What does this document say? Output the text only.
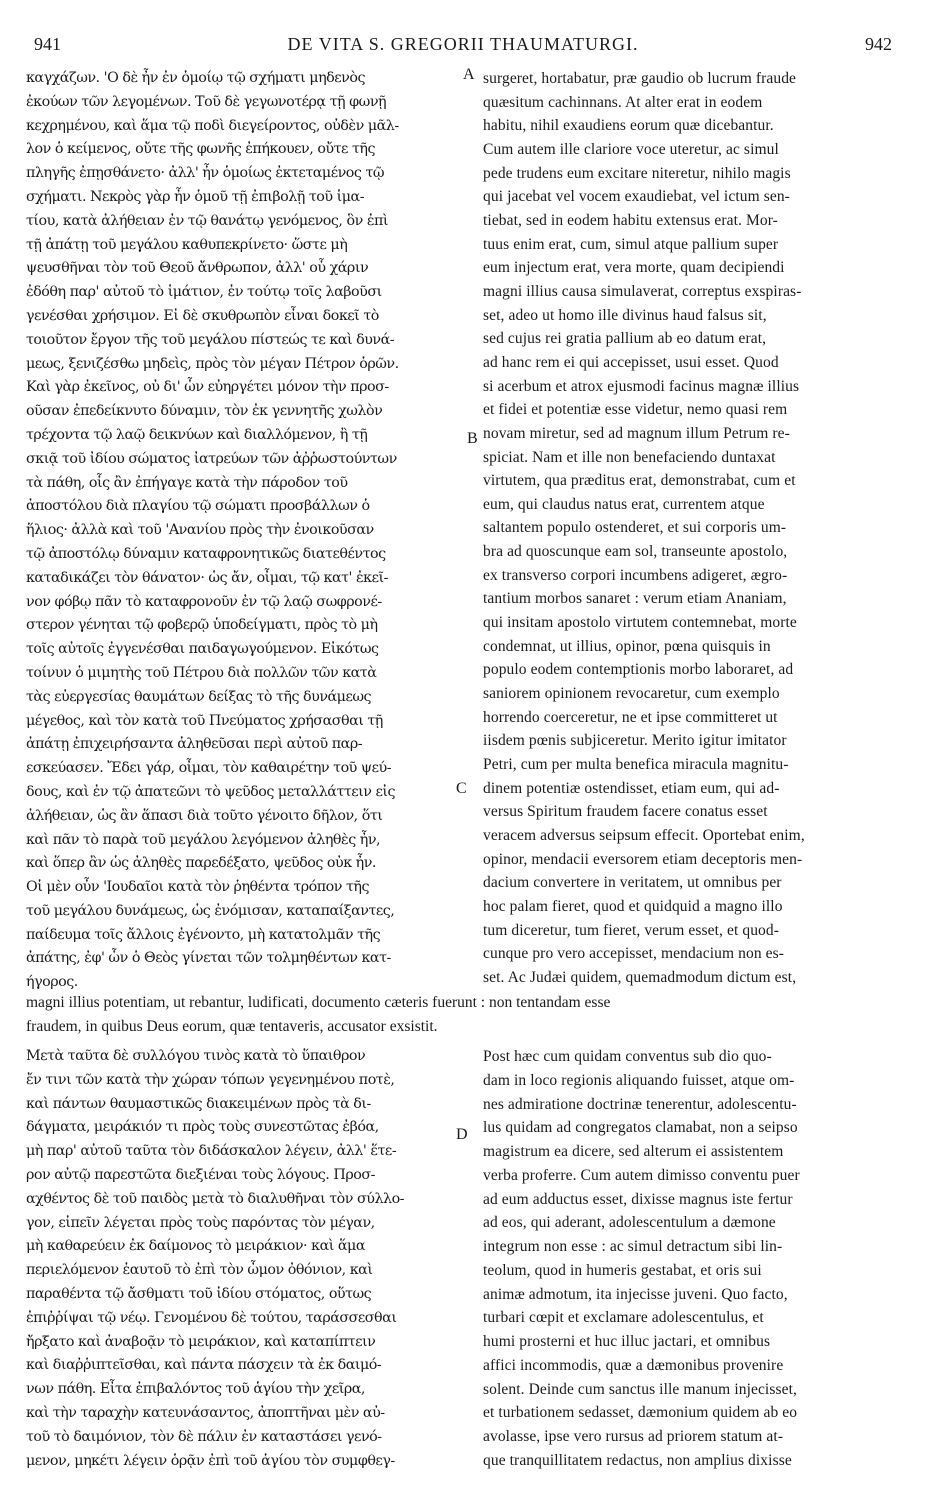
941	DE VITA S. GREGORII THAUMATURGI.	942
καγχάζων. 'Ο δὲ ἦν ἐν ὁμοίῳ τῷ σχήματι μηδενὸς
ἐκούων τῶν λεγομένων. Τοῦ δὲ γεγωνοτέρᾳ τῇ φωνῇ
κεχρημένου, καὶ ἅμα τῷ ποδὶ διεγείροντος, οὐδὲν μᾶλ-
λον ὁ κείμενος, οὔτε τῆς φωνῆς ἐπήκουεν, οὔτε τῆς
πληγῆς ἐπῃσθάνετο· ἀλλ' ἦν ὁμοίως ἐκτεταμένος τῷ
σχήματι. Νεκρὸς γὰρ ἦν ὁμοῦ τῇ ἐπιβολῇ τοῦ ἱμα-
τίου, κατὰ ἀλήθειαν ἐν τῷ θανάτῳ γενόμενος, ὃν ἐπὶ
τῇ ἀπάτῃ τοῦ μεγάλου καθυπεκρίνετο· ὥστε μὴ
ψευσθῆναι τὸν τοῦ Θεοῦ ἄνθρωπον, ἀλλ' οὗ χάριν
ἐδόθη παρ' αὐτοῦ τὸ ἱμάτιον, ἐν τούτῳ τοῖς λαβοῦσι
γενέσθαι χρήσιμον. Εἰ δὲ σκυθρωπὸν εἶναι δοκεῖ τὸ
τοιοῦτον ἔργον τῆς τοῦ μεγάλου πίστεώς τε καὶ δυνά-
μεως, ξενιζέσθω μηδεὶς, πρὸς τὸν μέγαν Πέτρον ὁρῶν.
Καὶ γὰρ ἐκεῖνος, οὐ δι' ὧν εὐηργέτει μόνον τὴν προσ-
οῦσαν ἐπεδείκνυτο δύναμιν, τὸν ἐκ γεννητῆς χωλὸν
τρέχοντα τῷ λαῷ δεικνύων καὶ διαλλόμενον, ἢ τῇ
σκιᾷ τοῦ ἰδίου σώματος ἰατρεύων τῶν ἀῤῥωστούντων
τὰ πάθη, οἷς ἂν ἐπήγαγε κατὰ τὴν πάροδον τοῦ
ἀποστόλου διὰ πλαγίου τῷ σώματι προσβάλλων ὁ
ἥλιος· ἀλλὰ καὶ τοῦ 'Ανανίου πρὸς τὴν ἐνοικοῦσαν
τῷ ἀποστόλῳ δύναμιν καταφρονητικῶς διατεθέντος
καταδικάζει τὸν θάνατον· ὡς ἄν, οἶμαι, τῷ κατ' ἐκεῖ-
νον φόβῳ πᾶν τὸ καταφρονοῦν ἐν τῷ λαῷ σωφρονέ-
στερον γένηται τῷ φοβερῷ ὑποδείγματι, πρὸς τὸ μὴ
τοῖς αὐτοῖς ἐγγενέσθαι παιδαγωγούμενον. Εἰκότως
τοίνυν ὁ μιμητὴς τοῦ Πέτρου διὰ πολλῶν τῶν κατὰ
τὰς εὐεργεσίας θαυμάτων δείξας τὸ τῆς δυνάμεως
μέγεθος, καὶ τὸν κατὰ τοῦ Πνεύματος χρήσασθαι τῇ
ἀπάτῃ ἐπιχειρήσαντα ἀληθεῦσαι περὶ αὐτοῦ παρ-
εσκεύασεν. Ἔδει γάρ, οἶμαι, τὸν καθαιρέτην τοῦ ψεύ-
δους, καὶ ἐν τῷ ἀπατεῶνι τὸ ψεῦδος μεταλλάττειν εἰς
ἀλήθειαν, ὡς ἂν ἅπασι διὰ τοῦτο γένοιτο δῆλον, ὅτι
καὶ πᾶν τὸ παρὰ τοῦ μεγάλου λεγόμενον ἀληθὲς ἦν,
καὶ ὅπερ ἂν ὡς ἀληθὲς παρεδέξατο, ψεῦδος οὐκ ἦν.
Οἱ μὲν οὖν 'Ιουδαῖοι κατὰ τὸν ῥηθέντα τρόπον τῆς
τοῦ μεγάλου δυνάμεως, ὡς ἐνόμισαν, καταπαίξαντες,
παίδευμα τοῖς ἄλλοις ἐγένοντο, μὴ κατατολμᾶν τῆς
ἀπάτης, ἐφ' ὧν ὁ Θεὸς γίνεται τῶν τολμηθέντων κατ-
ήγορος.
surgeret, hortabatur, præ gaudio ob lucrum fraude
quæsitum cachinnans. At alter erat in eodem
habitu, nihil exaudiens eorum quæ dicebantur.
Cum autem ille clariore voce uteretur, ac simul
pede trudens eum excitare niteretur, nihilo magis
qui jacebat vel vocem exaudiebat, vel ictum sen-
tiebat, sed in eodem habitu extensus erat. Mor-
tuus enim erat, cum, simul atque pallium super
eum injectum erat, vera morte, quam decipiendi
magni illius causa simulaverat, correptus exspiras-
set, adeo ut homo ille divinus haud falsus sit,
sed cujus rei gratia pallium ab eo datum erat,
ad hanc rem ei qui accepisset, usui esset. Quod
si acerbum et atrox ejusmodi facinus magnæ illius
et fidei et potentiæ esse videtur, nemo quasi rem
novam miretur, sed ad magnum illum Petrum re-
spiciat. Nam et ille non benefaciendo duntaxat
virtutem, qua præditus erat, demonstrabat, cum et
eum, qui claudus natus erat, currentem atque
saltantem populo ostenderet, et sui corporis um-
bra ad quoscunque eam sol, transeunte apostolo,
ex transverso corpori incumbens adigeret, ægro-
tantium morbos sanaret : verum etiam Ananiam,
qui insitam apostolo virtutem contemnebat, morte
condemnat, ut illius, opinor, pœna quisquis in
populo eodem contemptionis morbo laboraret, ad
saniorem opinionem revocaretur, cum exemplo
horrendo coerceretur, ne et ipse committeret ut
iisdem pœnis subjiceretur. Merito igitur imitator
Petri, cum per multa benefica miracula magnitu-
dinem potentiæ ostendisset, etiam eum, qui ad-
versus Spiritum fraudem facere conatus esset
veracem adversus seipsum effecit. Oportebat enim,
opinor, mendacii eversorem etiam deceptoris men-
dacium convertere in veritatem, ut omnibus per
hoc palam fieret, quod et quidquid a magno illo
tum diceretur, tum fieret, verum esset, et quod-
cunque pro vero accepisset, mendacium non es-
set. Ac Judæi quidem, quemadmodum dictum est,
A
B
C
D
magni illius potentiam, ut rebantur, ludificati, documento cæteris fuerunt : non tentandam esse
fraudem, in quibus Deus eorum, quæ tentaveris, accusator exsistit.
Μετὰ ταῦτα δὲ συλλόγου τινὸς κατὰ τὸ ὕπαιθρον
ἔν τινι τῶν κατὰ τὴν χώραν τόπων γεγενημένου ποτὲ,
καὶ πάντων θαυμαστικῶς διακειμένων πρὸς τὰ δι-
δάγματα, μειράκιόν τι πρὸς τοὺς συνεστῶτας ἐβόα,
μὴ παρ' αὐτοῦ ταῦτα τὸν διδάσκαλον λέγειν, ἀλλ' ἕτε-
ρον αὐτῷ παρεστῶτα διεξιέναι τοὺς λόγους. Προσ-
αχθέντος δὲ τοῦ παιδὸς μετὰ τὸ διαλυθῆναι τὸν σύλλο-
γον, εἰπεῖν λέγεται πρὸς τοὺς παρόντας τὸν μέγαν,
μὴ καθαρεύειν ἐκ δαίμονος τὸ μειράκιον· καὶ ἅμα
περιελόμενον ἑαυτοῦ τὸ ἐπὶ τὸν ὦμον ὀθόνιον, καὶ
παραθέντα τῷ ἄσθματι τοῦ ἰδίου στόματος, οὕτως
ἐπιῤῥίψαι τῷ νέῳ. Γενομένου δὲ τούτου, ταράσσεσθαι
ἤρξατο καὶ ἀναβοᾷν τὸ μειράκιον, καὶ καταπίπτειν
καὶ διαῤῥιπτεῖσθαι, καὶ πάντα πάσχειν τὰ ἐκ δαιμό-
νων πάθη. Εἶτα ἐπιβαλόντος τοῦ ἁγίου τὴν χεῖρα,
καὶ τὴν ταραχὴν κατευνάσαντος, ἀποπτῆναι μὲν αὐ-
τοῦ τὸ δαιμόνιον, τὸν δὲ πάλιν ἐν καταστάσει γενό-
μενον, μηκέτι λέγειν ὁρᾷν ἐπὶ τοῦ ἁγίου τὸν συμφθεγ-
Post hæc cum quidam conventus sub dio quo-
dam in loco regionis aliquando fuisset, atque om-
nes admiratione doctrinæ tenerentur, adolescentu-
lus quidam ad congregatos clamabat, non a seipso
magistrum ea dicere, sed alterum ei assistentem
verba proferre. Cum autem dimisso conventu puer
ad eum adductus esset, dixisse magnus iste fertur
ad eos, qui aderant, adolescentulum a dæmone
integrum non esse : ac simul detractum sibi lin-
teolum, quod in humeris gestabat, et oris sui
animæ admotum, ita injecisse juveni. Quo facto,
turbari cœpit et exclamare adolescentulus, et
humi prosterni et huc illuc jactari, et omnibus
affici incommodis, quæ a dæmonibus provenire
solent. Deinde cum sanctus ille manum injecisset,
et turbationem sedasset, dæmonium quidem ab eo
avolasse, ipse vero rursus ad priorem statum at-
que tranquillitatem redactus, non amplius dixisse
